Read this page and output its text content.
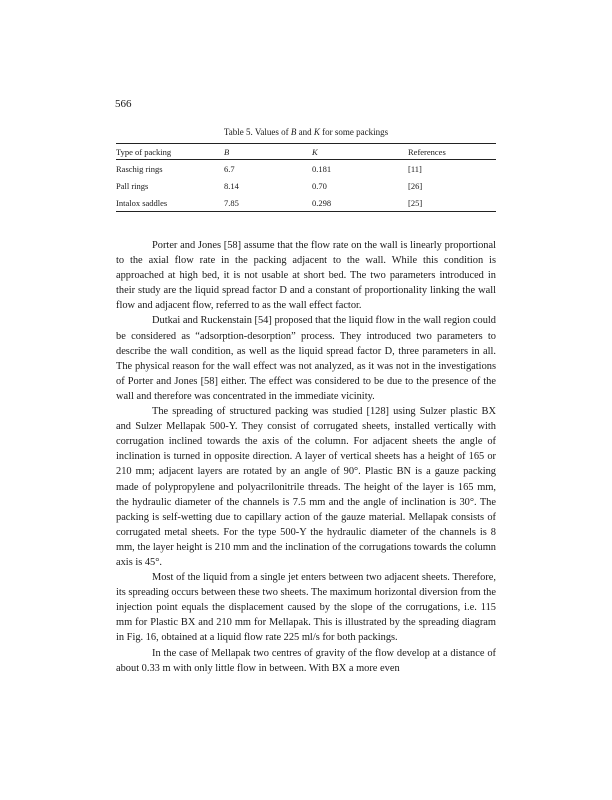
566
Table 5. Values of B and K for some packings
Type of packing	B	K	References
Raschig rings	6.7	0.181	[11]
Pall rings	8.14	0.70	[26]
Intalox saddles	7.85	0.298	[25]

Porter and Jones [58] assume that the flow rate on the wall is linearly proportional to the axial flow rate in the packing adjacent to the wall. While this condition is approached at high bed, it is not usable at short bed. The two parameters introduced in their study are the liquid spread factor D and a constant of proportionality linking the wall flow and adjacent flow, referred to as the wall effect factor.

Dutkai and Ruckenstain [54] proposed that the liquid flow in the wall region could be considered as “adsorption-desorption” process. They introduced two parameters to describe the wall condition, as well as the liquid spread factor D, three parameters in all. The physical reason for the wall effect was not analyzed, as it was not in the investigations of Porter and Jones [58] either. The effect was considered to be due to the presence of the wall and therefore was concentrated in the immediate vicinity.

The spreading of structured packing was studied [128] using Sulzer plastic BX and Sulzer Mellapak 500-Y. They consist of corrugated sheets, installed vertically with corrugation inclined towards the axis of the column. For adjacent sheets the angle of inclination is turned in opposite direction. A layer of vertical sheets has a height of 165 or 210 mm; adjacent layers are rotated by an angle of 90°. Plastic BN is a gauze packing made of polypropylene and polyacrilonitrile threads. The height of the layer is 165 mm, the hydraulic diameter of the channels is 7.5 mm and the angle of inclination is 30°. The packing is self-wetting due to capillary action of the gauze material. Mellapak consists of corrugated metal sheets. For the type 500-Y the hydraulic diameter of the channels is 8 mm, the layer height is 210 mm and the inclination of the corrugations towards the column axis is 45°.

Most of the liquid from a single jet enters between two adjacent sheets. Therefore, its spreading occurs between these two sheets. The maximum horizontal diversion from the injection point equals the displacement caused by the slope of the corrugations, i.e. 115 mm for Plastic BX and 210 mm for Mellapak. This is illustrated by the spreading diagram in Fig. 16, obtained at a liquid flow rate 225 ml/s for both packings.

In the case of Mellapak two centres of gravity of the flow develop at a distance of about 0.33 m with only little flow in between. With BX a more even
